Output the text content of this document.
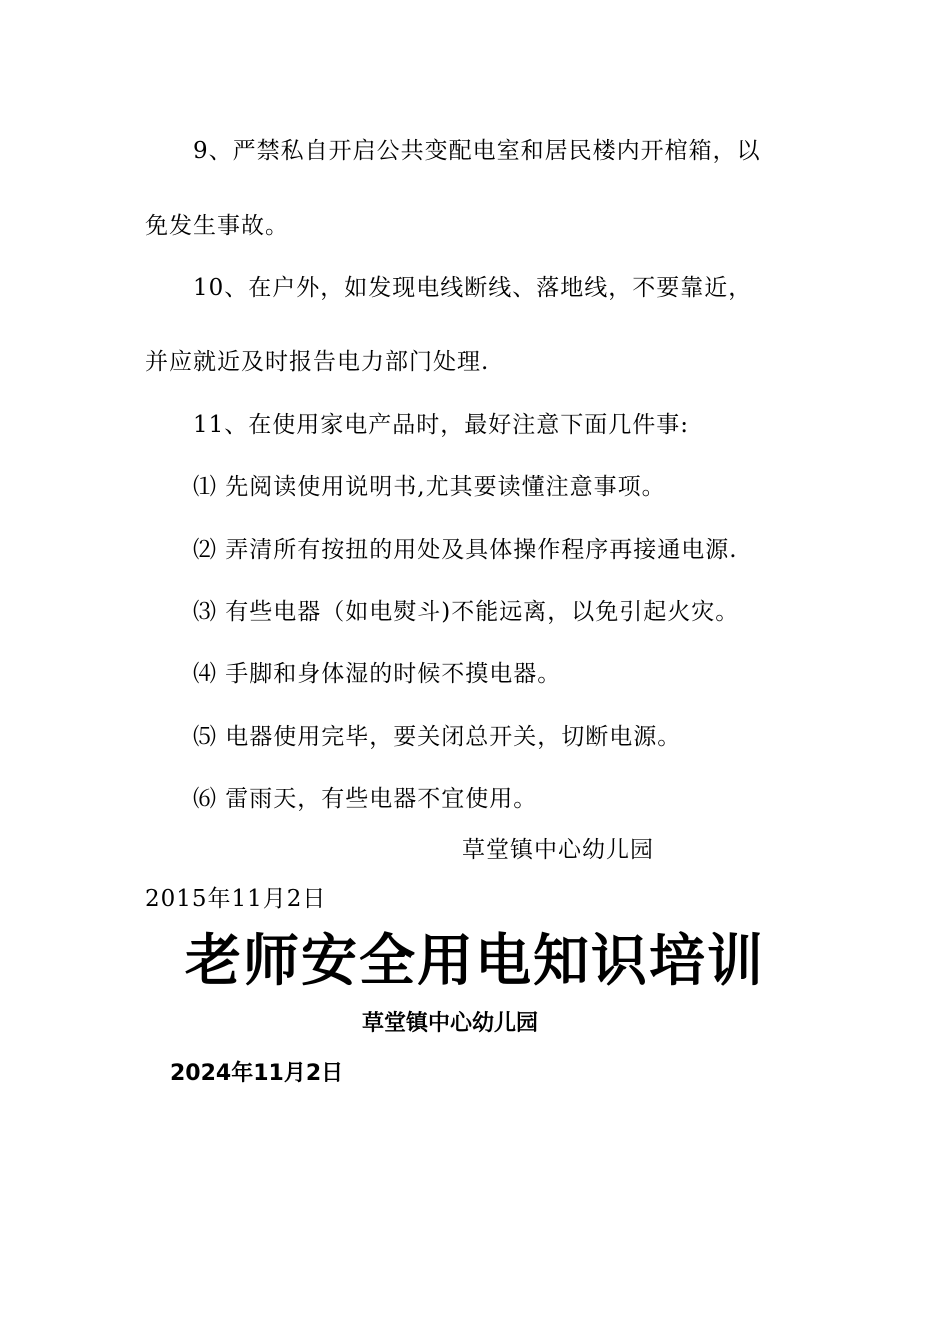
9、严禁私自开启公共变配电室和居民楼内开棺箱，以
免发生事故。
10、在户外，如发现电线断线、落地线，不要靠近，
并应就近及时报告电力部门处理.
11、在使用家电产品时，最好注意下面几件事:
⑴ 先阅读使用说明书,尤其要读懂注意事项。
⑵ 弄清所有按扭的用处及具体操作程序再接通电源.
⑶ 有些电器（如电熨斗)不能远离，以免引起火灾。
⑷ 手脚和身体湿的时候不摸电器。
⑸ 电器使用完毕，要关闭总开关，切断电源。
⑹ 雷雨天，有些电器不宜使用。
草堂镇中心幼儿园
2015年11月2日
老师安全用电知识培训
草堂镇中心幼儿园
2024年11月2日
